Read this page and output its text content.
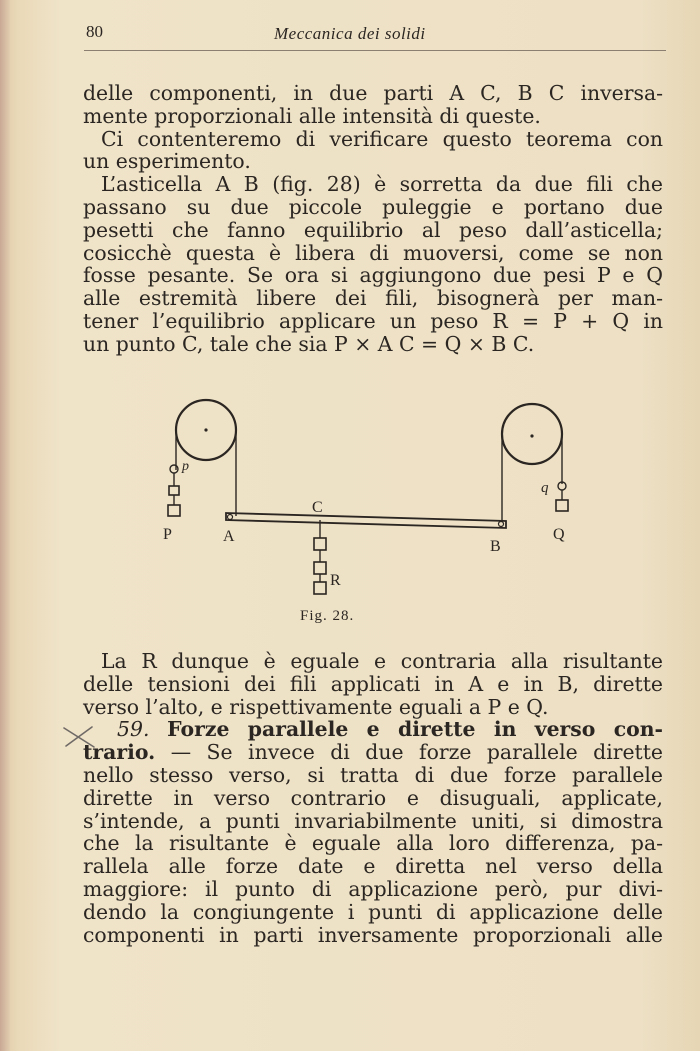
80	Meccanica dei solidi
delle componenti, in due parti A C, B C inversa-
mente proporzionali alle intensità di queste.
Ci contenteremo di verificare questo teorema con
un esperimento.
L’asticella A B (fig. 28) è sorretta da due fili che
passano su due piccole puleggie e portano due
pesetti che fanno equilibrio al peso dall’asticella;
cosicchè questa è libera di muoversi, come se non
fosse pesante. Se ora si aggiungono due pesi P e Q
alle estremità libere dei fili, bisognerà per man-
tener l’equilibrio applicare un peso R = P + Q in
un punto C, tale che sia P × A C = Q × B C.
P	A
C
B
Q
R
p
q
Fig. 28.
La R dunque è eguale e contraria alla risultante
delle tensioni dei fili applicati in A e in B, dirette
verso l’alto, e rispettivamente eguali a P e Q.
59. Forze parallele e dirette in verso con-
trario. — Se invece di due forze parallele dirette
nello stesso verso, si tratta di due forze parallele
dirette in verso contrario e disuguali, applicate,
s’intende, a punti invariabilmente uniti, si dimostra
che la risultante è eguale alla loro differenza, pa-
rallela alle forze date e diretta nel verso della
maggiore: il punto di applicazione però, pur divi-
dendo la congiungente i punti di applicazione delle
componenti in parti inversamente proporzionali alle
